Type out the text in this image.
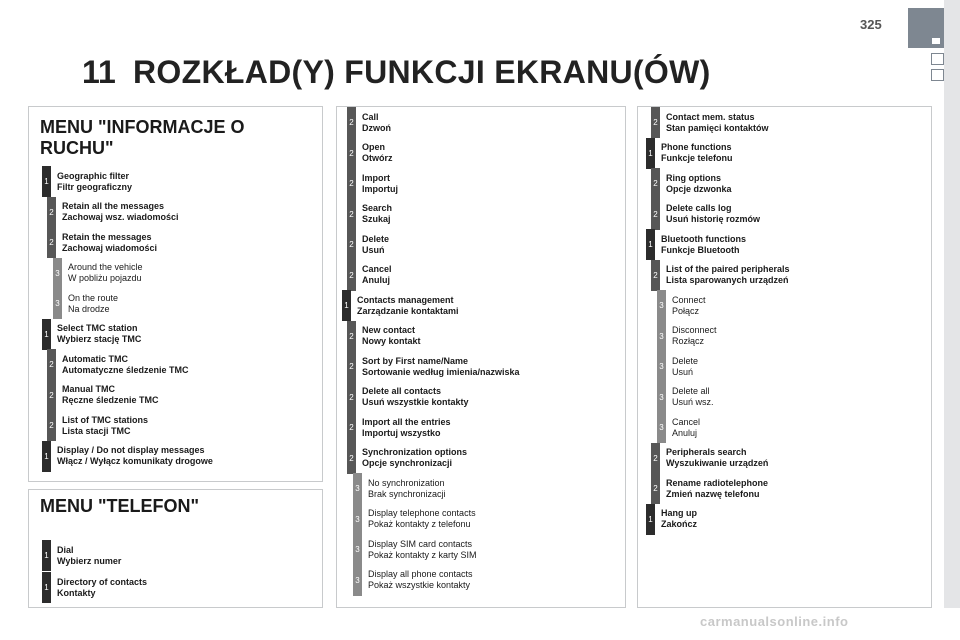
325
11 ROZKŁAD(Y) FUNKCJI EKRANU(ÓW)
MENU "INFORMACJE O RUCHU"
MENU "TELEFON"
1
Geographic filter
Filtr geograficzny
2
Retain all the messages
Zachowaj wsz. wiadomości
2
Retain the messages
Zachowaj wiadomości
3
Around the vehicle
W pobliżu pojazdu
3
On the route
Na drodze
1
Select TMC station
Wybierz stację TMC
2
Automatic TMC
Automatyczne śledzenie TMC
2
Manual TMC
Ręczne śledzenie TMC
2
List of TMC stations
Lista stacji TMC
1
Display / Do not display messages
Włącz / Wyłącz komunikaty drogowe
1
Dial
Wybierz numer
1
Directory of contacts
Kontakty
2
Call
Dzwoń
2
Open
Otwórz
2
Import
Importuj
2
Search
Szukaj
2
Delete
Usuń
2
Cancel
Anuluj
1
Contacts management
Zarządzanie kontaktami
2
New contact
Nowy kontakt
2
Sort by First name/Name
Sortowanie według imienia/nazwiska
2
Delete all contacts
Usuń wszystkie kontakty
2
Import all the entries
Importuj wszystko
2
Synchronization options
Opcje synchronizacji
3
No synchronization
Brak synchronizacji
3
Display telephone contacts
Pokaż kontakty z telefonu
3
Display SIM card contacts
Pokaż kontakty z karty SIM
3
Display all phone contacts
Pokaż wszystkie kontakty
2
Contact mem. status
Stan pamięci kontaktów
1
Phone functions
Funkcje telefonu
2
Ring options
Opcje dzwonka
2
Delete calls log
Usuń historię rozmów
1
Bluetooth functions
Funkcje Bluetooth
2
List of the paired peripherals
Lista sparowanych urządzeń
3
Connect
Połącz
3
Disconnect
Rozłącz
3
Delete
Usuń
3
Delete all
Usuń wsz.
3
Cancel
Anuluj
2
Peripherals search
Wyszukiwanie urządzeń
2
Rename radiotelephone
Zmień nazwę telefonu
1
Hang up
Zakończ
carmanualsonline.info
